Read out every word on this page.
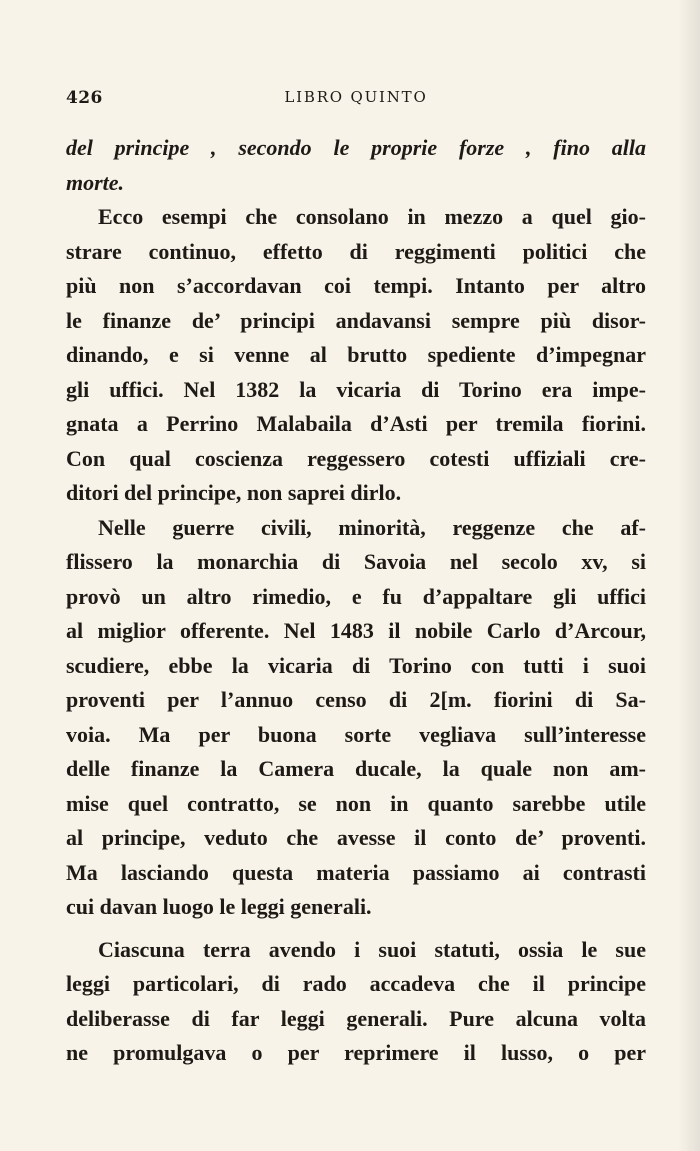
426	LIBRO QUINTO
del principe , secondo le proprie forze , fino alla
morte.
Ecco esempi che consolano in mezzo a quel gio-
strare continuo, effetto di reggimenti politici che
più non s’accordavan coi tempi. Intanto per altro
le finanze de’ principi andavansi sempre più disor-
dinando, e si venne al brutto spediente d’impegnar
gli uffici. Nel 1382 la vicaria di Torino era impe-
gnata a Perrino Malabaila d’Asti per tremila fiorini.
Con qual coscienza reggessero cotesti uffiziali cre-
ditori del principe, non saprei dirlo.
Nelle guerre civili, minorità, reggenze che af-
flissero la monarchia di Savoia nel secolo xv, si
provò un altro rimedio, e fu d’appaltare gli uffici
al miglior offerente. Nel 1483 il nobile Carlo d’Arcour,
scudiere, ebbe la vicaria di Torino con tutti i suoi
proventi per l’annuo censo di 2[m. fiorini di Sa-
voia. Ma per buona sorte vegliava sull’interesse
delle finanze la Camera ducale, la quale non am-
mise quel contratto, se non in quanto sarebbe utile
al principe, veduto che avesse il conto de’ proventi.
Ma lasciando questa materia passiamo ai contrasti
cui davan luogo le leggi generali.
Ciascuna terra avendo i suoi statuti, ossia le sue
leggi particolari, di rado accadeva che il principe
deliberasse di far leggi generali. Pure alcuna volta
ne promulgava o per reprimere il lusso, o per
